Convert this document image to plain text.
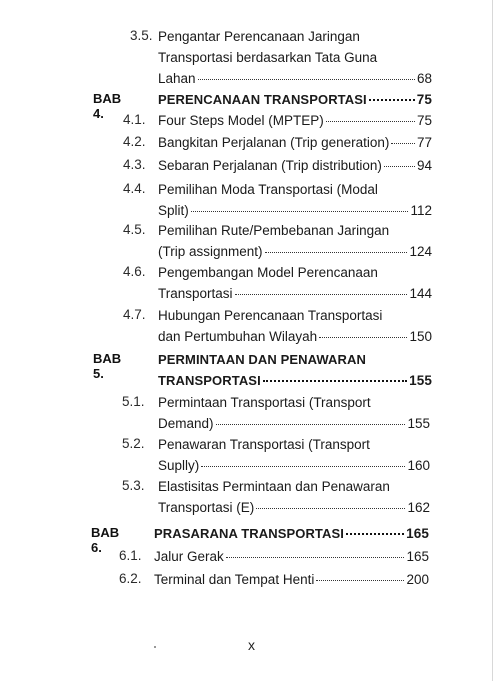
3.5. Pengantar Perencanaan Jaringan
Transportasi berdasarkan Tata Guna
Lahan	68
BAB 4.
PERENCANAAN TRANSPORTASI	75
4.1. Four Steps Model (MPTEP)	75
4.2. Bangkitan Perjalanan (Trip generation) 77
4.3. Sebaran Perjalanan (Trip distribution)	94
4.4. Pemilihan Moda Transportasi (Modal
Split)	112
4.5. Pemilihan Rute/Pembebanan Jaringan
(Trip assignment)	124
4.6. Pengembangan Model Perencanaan
Transportasi	144
4.7. Hubungan Perencanaan Transportasi
dan Pertumbuhan Wilayah	150
BAB 5.
PERMINTAAN DAN PENAWARAN
TRANSPORTASI	155
5.1. Permintaan Transportasi (Transport
Demand)	155
5.2. Penawaran Transportasi (Transport
Suplly)	160
5.3. Elastisitas Permintaan dan Penawaran
Transportasi (E)	162
BAB 6.
PRASARANA TRANSPORTASI	165
6.1. Jalur Gerak	165
6.2. Terminal dan Tempat Henti	200
x
